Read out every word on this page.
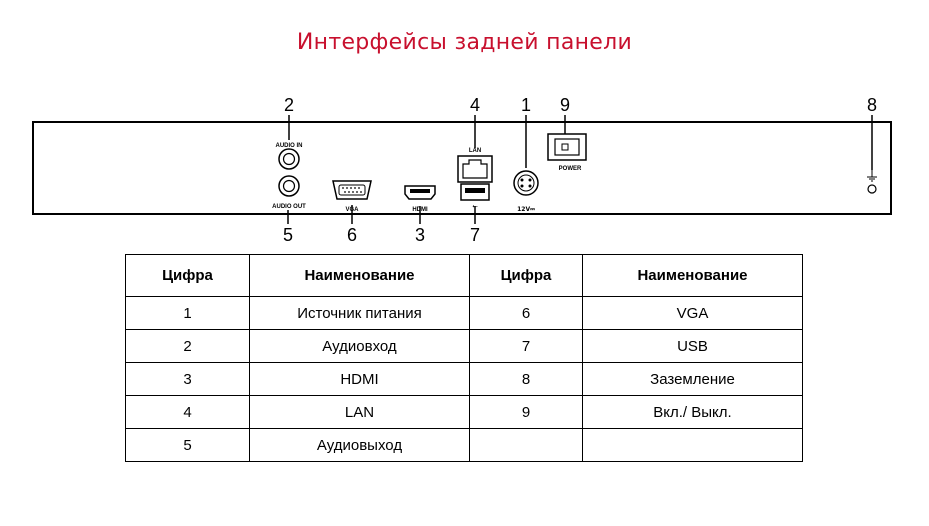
Интерфейсы задней панели
2	4 1 9	8
5	6	3 7
AUDIO IN
AUDIO OUT	VGA	HDMI
LAN
⭠	12V⎓
POWER
Цифра	Наименование	Цифра	Наименование
1	Источник питания	6	VGA
2	Аудиовход	7	USB
3	HDMI	8	Заземление
4	LAN	9	Вкл./ Выкл.
5	Аудиовыход		
